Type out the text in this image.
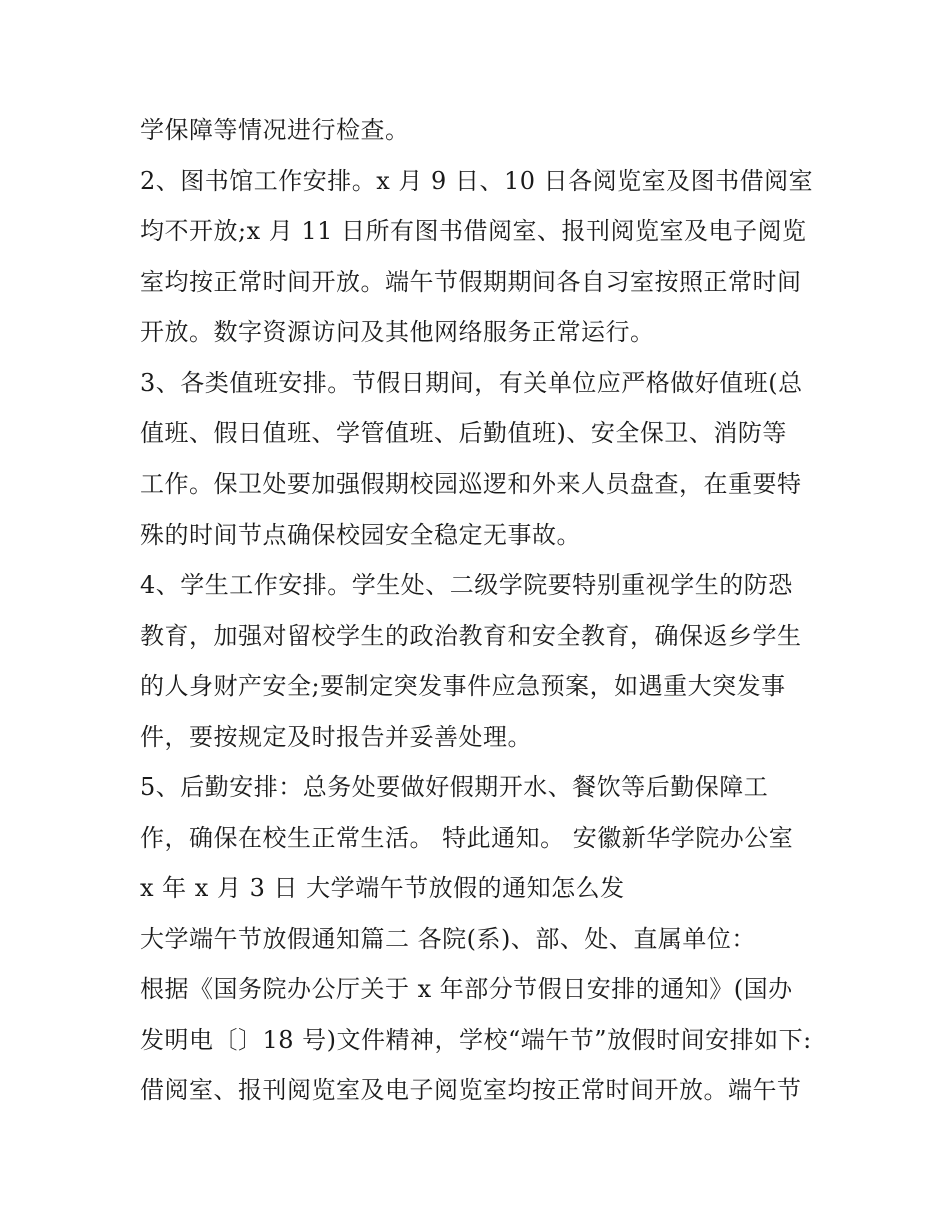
学保障等情况进行检查。
2、图书馆工作安排。x 月 9 日、10 日各阅览室及图书借阅室
均不开放;x 月 11 日所有图书借阅室、报刊阅览室及电子阅览
室均按正常时间开放。端午节假期期间各自习室按照正常时间
开放。数字资源访问及其他网络服务正常运行。
3、各类值班安排。节假日期间，有关单位应严格做好值班(总
值班、假日值班、学管值班、后勤值班)、安全保卫、消防等
工作。保卫处要加强假期校园巡逻和外来人员盘查，在重要特
殊的时间节点确保校园安全稳定无事故。
4、学生工作安排。学生处、二级学院要特别重视学生的防恐
教育，加强对留校学生的政治教育和安全教育，确保返乡学生
的人身财产安全;要制定突发事件应急预案，如遇重大突发事
件，要按规定及时报告并妥善处理。
5、后勤安排：总务处要做好假期开水、餐饮等后勤保障工
作，确保在校生正常生活。 特此通知。 安徽新华学院办公室
x 年 x 月 3 日 大学端午节放假的通知怎么发
大学端午节放假通知篇二 各院(系)、部、处、直属单位：
根据《国务院办公厅关于 x 年部分节假日安排的通知》(国办
发明电〔〕18 号)文件精神，学校“端午节”放假时间安排如下:
借阅室、报刊阅览室及电子阅览室均按正常时间开放。端午节
